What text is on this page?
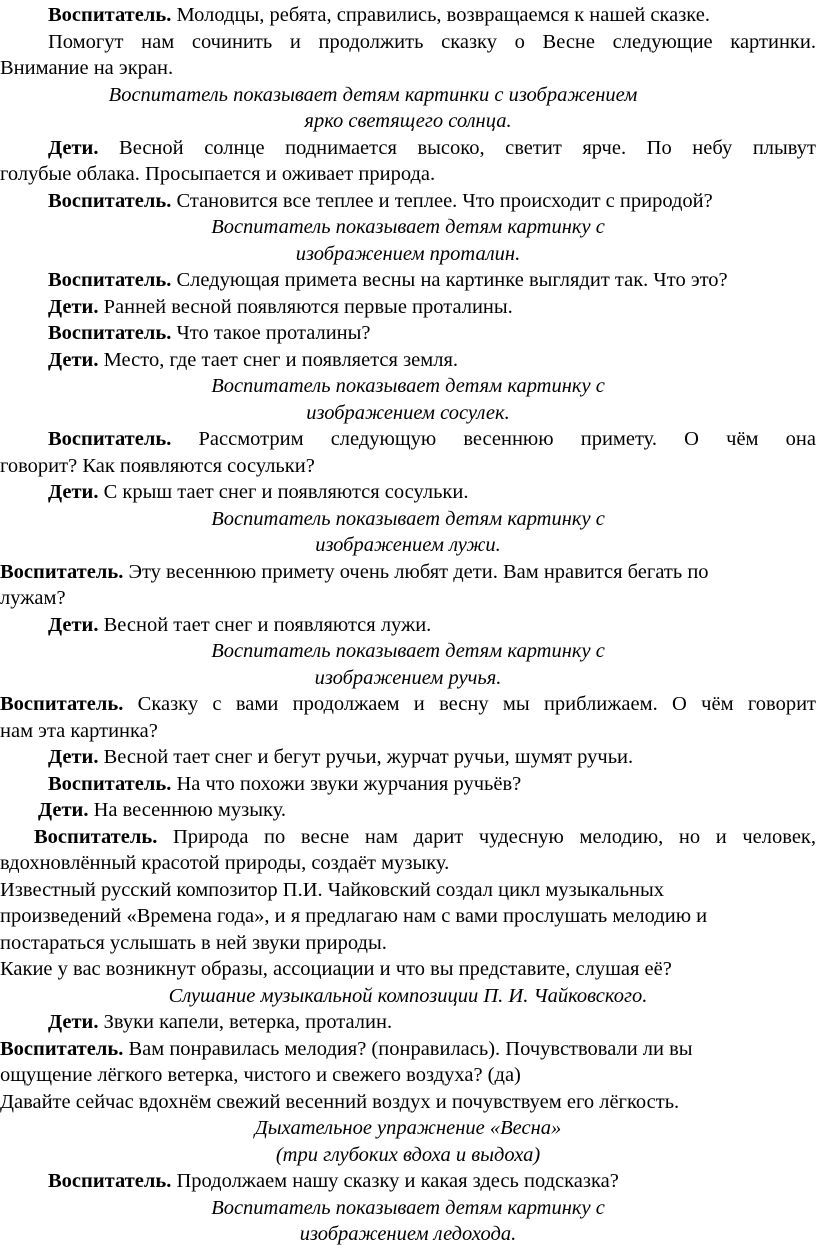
Воспитатель. Молодцы, ребята, справились, возвращаемся к нашей сказке.
Помогут нам сочинить и продолжить сказку о Весне следующие картинки.
Внимание на экран.
Воспитатель показывает детям картинки с изображением
ярко светящего солнца.
Дети. Весной солнце поднимается высоко, светит ярче. По небу плывут
голубые облака. Просыпается и оживает природа.
Воспитатель. Становится все теплее и теплее. Что происходит с природой?
Воспитатель показывает детям картинку с
изображением проталин.
Воспитатель. Следующая примета весны на картинке выглядит так. Что это?
Дети. Ранней весной появляются первые проталины.
Воспитатель. Что такое проталины?
Дети. Место, где тает снег и появляется земля.
Воспитатель показывает детям картинку с
изображением сосулек.
Воспитатель. Рассмотрим следующую весеннюю примету. О чём она
говорит? Как появляются сосульки?
Дети. С крыш тает снег и появляются сосульки.
Воспитатель показывает детям картинку с
изображением лужи.
Воспитатель. Эту весеннюю примету очень любят дети. Вам нравится бегать по
лужам?
Дети. Весной тает снег и появляются лужи.
Воспитатель показывает детям картинку с
изображением ручья.
Воспитатель. Сказку с вами продолжаем и весну мы приближаем. О чём говорит
нам эта картинка?
Дети. Весной тает снег и бегут ручьи, журчат ручьи, шумят ручьи.
Воспитатель. На что похожи звуки журчания ручьёв?
Дети. На весеннюю музыку.
Воспитатель. Природа по весне нам дарит чудесную мелодию, но и человек,
вдохновлённый красотой природы, создаёт музыку.
Известный русский композитор П.И. Чайковский создал цикл музыкальных
произведений «Времена года», и я предлагаю нам с вами прослушать мелодию и
постараться услышать в ней звуки природы.
Какие у вас возникнут образы, ассоциации и что вы представите, слушая её?
Слушание музыкальной композиции П. И. Чайковского.
Дети. Звуки капели, ветерка, проталин.
Воспитатель. Вам понравилась мелодия? (понравилась). Почувствовали ли вы
ощущение лёгкого ветерка, чистого и свежего воздуха? (да)
Давайте сейчас вдохнём свежий весенний воздух и почувствуем его лёгкость.
Дыхательное упражнение «Весна»
(три глубоких вдоха и выдоха)
Воспитатель. Продолжаем нашу сказку и какая здесь подсказка?
Воспитатель показывает детям картинку с
изображением ледохода.
